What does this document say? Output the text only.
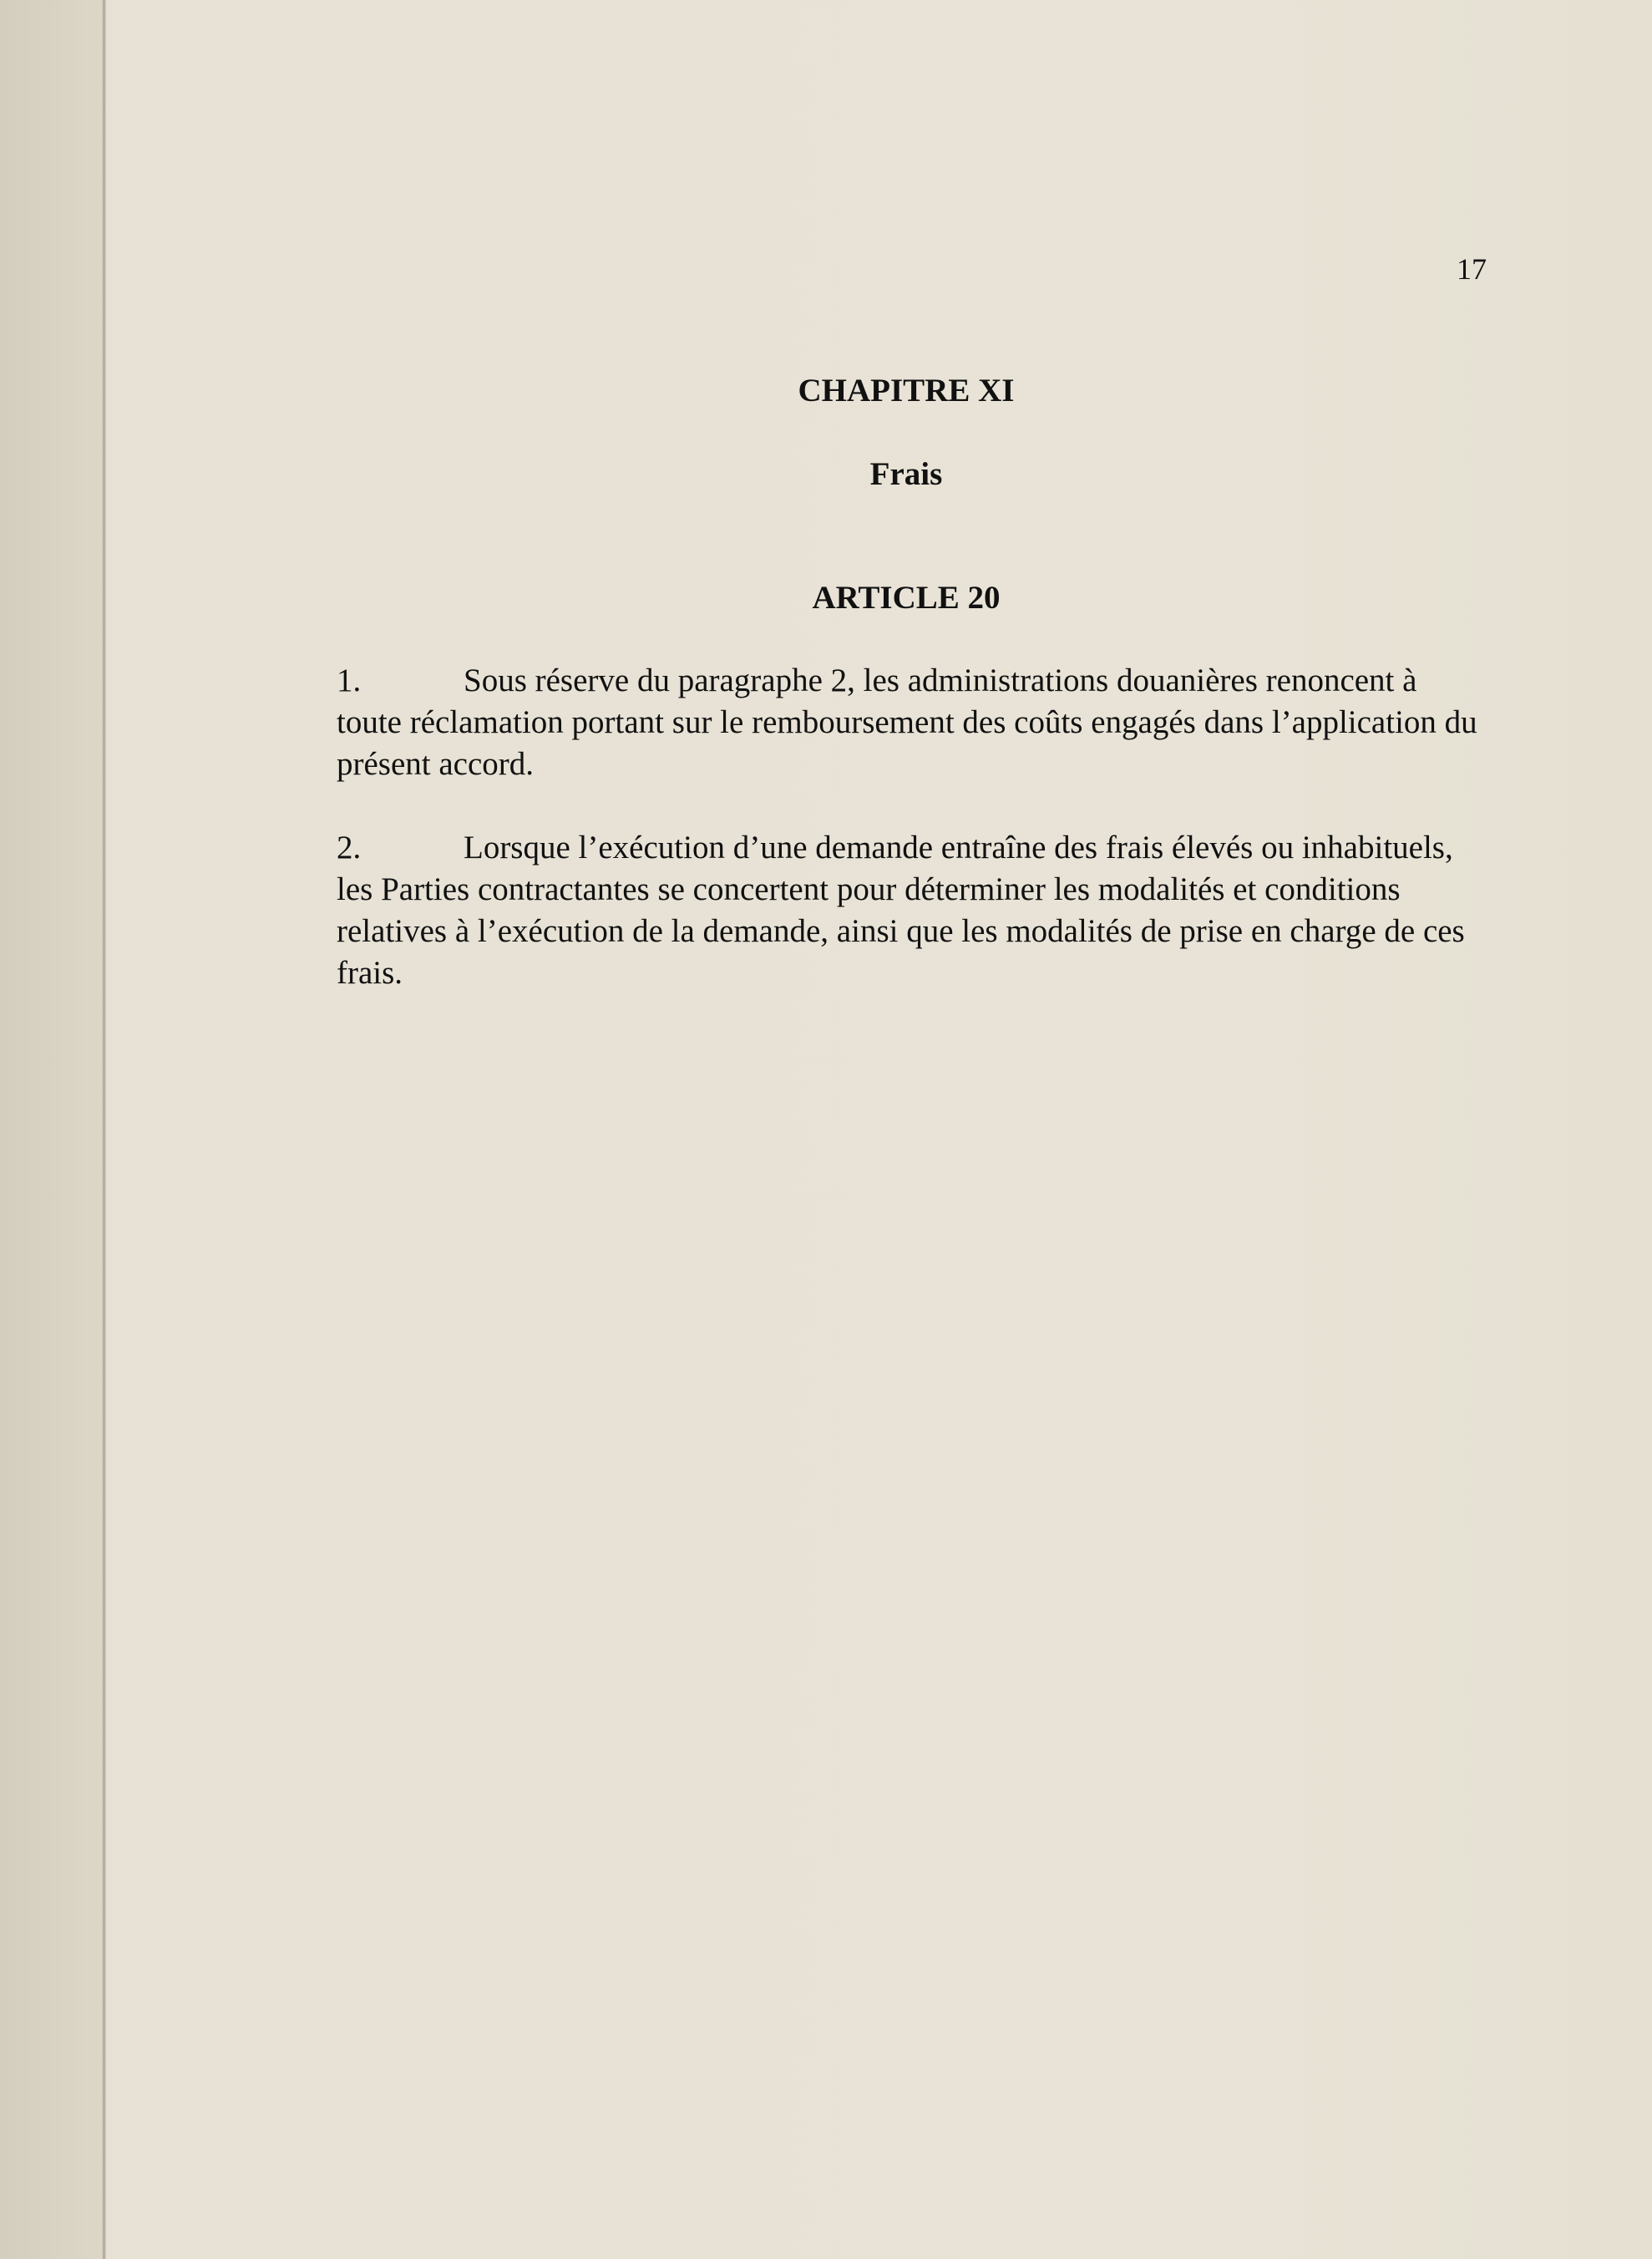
17
CHAPITRE XI
Frais
ARTICLE 20

1.	Sous réserve du paragraphe 2, les administrations douanières renoncent à toute réclamation portant sur le remboursement des coûts engagés dans l’application du présent accord.

2.	Lorsque l’exécution d’une demande entraîne des frais élevés ou inhabituels, les Parties contractantes se concertent pour déterminer les modalités et conditions relatives à l’exécution de la demande, ainsi que les modalités de prise en charge de ces frais.
